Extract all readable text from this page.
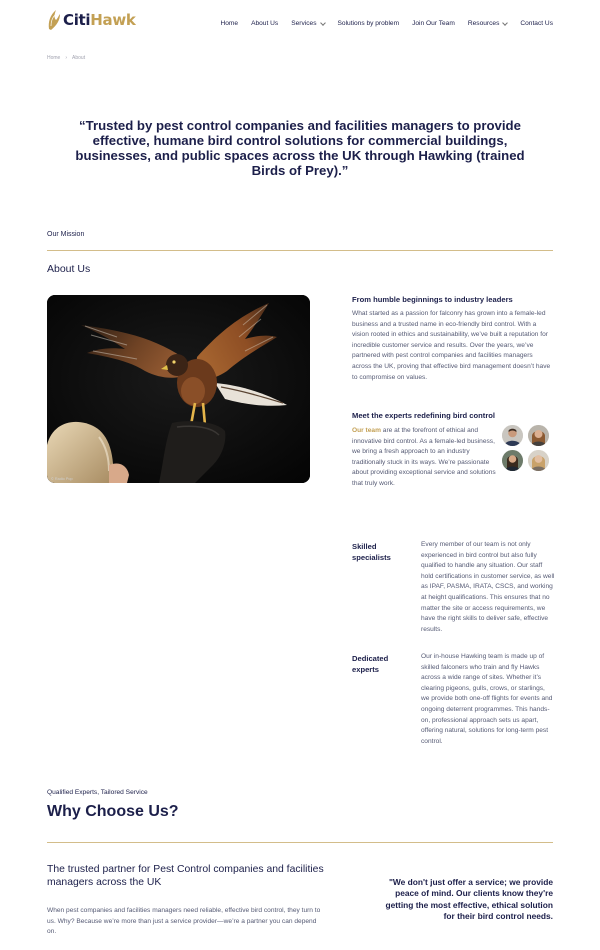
CitiHawk	Home About Us Services	Solutions by problem Join Our Team Resources	Contact Us
Home › About
“Trusted by pest control companies and facilities managers to provide effective, humane bird control solutions for commercial buildings, businesses, and public spaces across the UK through Hawking (trained Birds of Prey).”
Our Mission
About Us
© Radio Pop
From humble beginnings to industry leaders
What started as a passion for falconry has grown into a female-led business and a trusted name in eco-friendly bird control. With a vision rooted in ethics and sustainability, we’ve built a reputation for incredible customer service and results. Over the years, we’ve partnered with pest control companies and facilities managers across the UK, proving that effective bird management doesn’t have to compromise on values.
Meet the experts redefining bird control
Our team are at the forefront of ethical and innovative bird control. As a female-led business, we bring a fresh approach to an industry traditionally stuck in its ways. We’re passionate about providing exceptional service and solutions that truly work.
Skilled specialists
Every member of our team is not only experienced in bird control but also fully qualified to handle any situation. Our staff hold certifications in customer service, as well as IPAF, PASMA, IRATA, CSCS, and working at height qualifications. This ensures that no matter the site or access requirements, we have the right skills to deliver safe, effective results.
Dedicated experts
Our in-house Hawking team is made up of skilled falconers who train and fly Hawks across a wide range of sites. Whether it’s clearing pigeons, gulls, crows, or starlings, we provide both one-off flights for events and ongoing deterrent programmes. This hands-on, professional approach sets us apart, offering natural, solutions for long-term pest control.
Qualified Experts, Tailored Service
Why Choose Us?
The trusted partner for Pest Control companies and facilities managers across the UK
When pest companies and facilities managers need reliable, effective bird control, they turn to us. Why? Because we’re more than just a service provider—we’re a partner you can depend on.
"We don't just offer a service; we provide peace of mind. Our clients know they're getting the most effective, ethical solution for their bird control needs.
